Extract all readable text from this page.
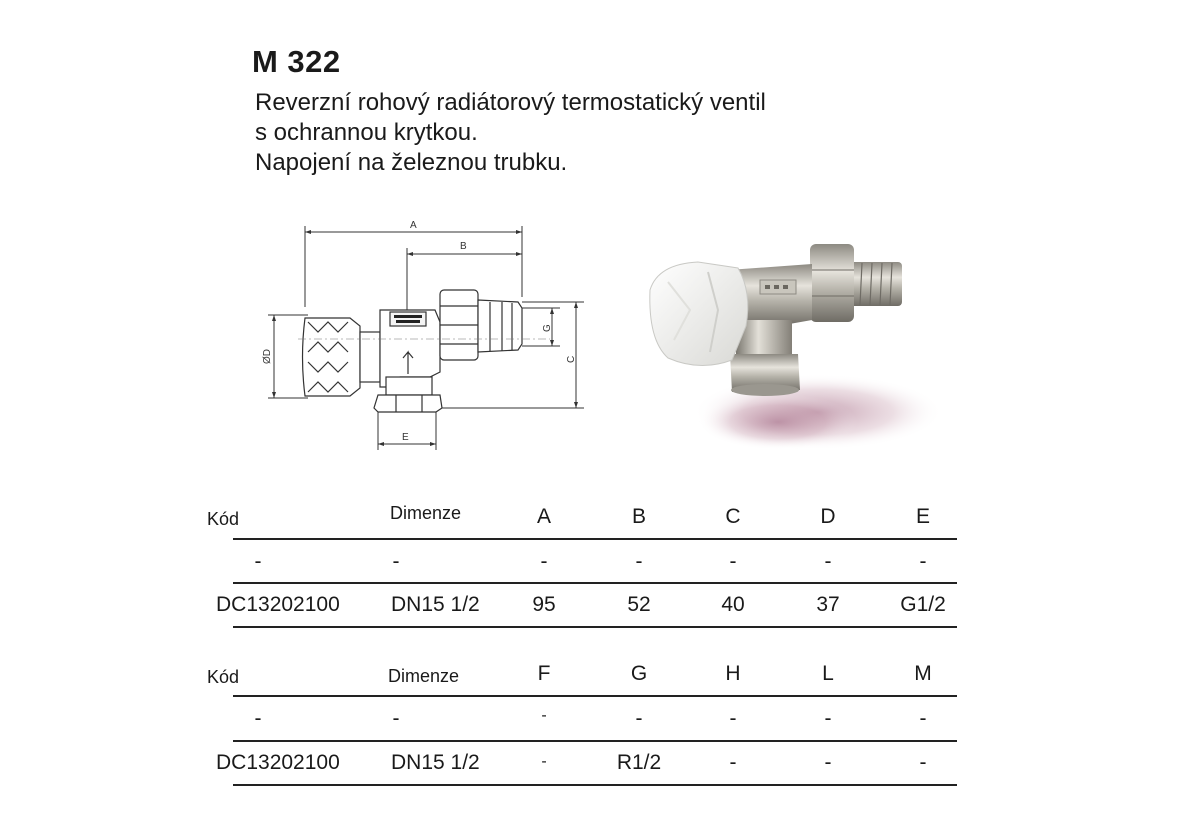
M 322
Reverzní rohový radiátorový termostatický ventil
s ochrannou krytkou.
Napojení na železnou trubku.
A
B
C
G
ØD
E
Kód	Dimenze	A	B	C	D	E
-	-	-	-	-	-	-
DC13202100 DN15 1/2	95	52	40	37	G1/2
Kód	Dimenze	F	G	H	L	M
-	-	-	-	-	-	-
DC13202100 DN15 1/2	-	R1/2	-	-	-
